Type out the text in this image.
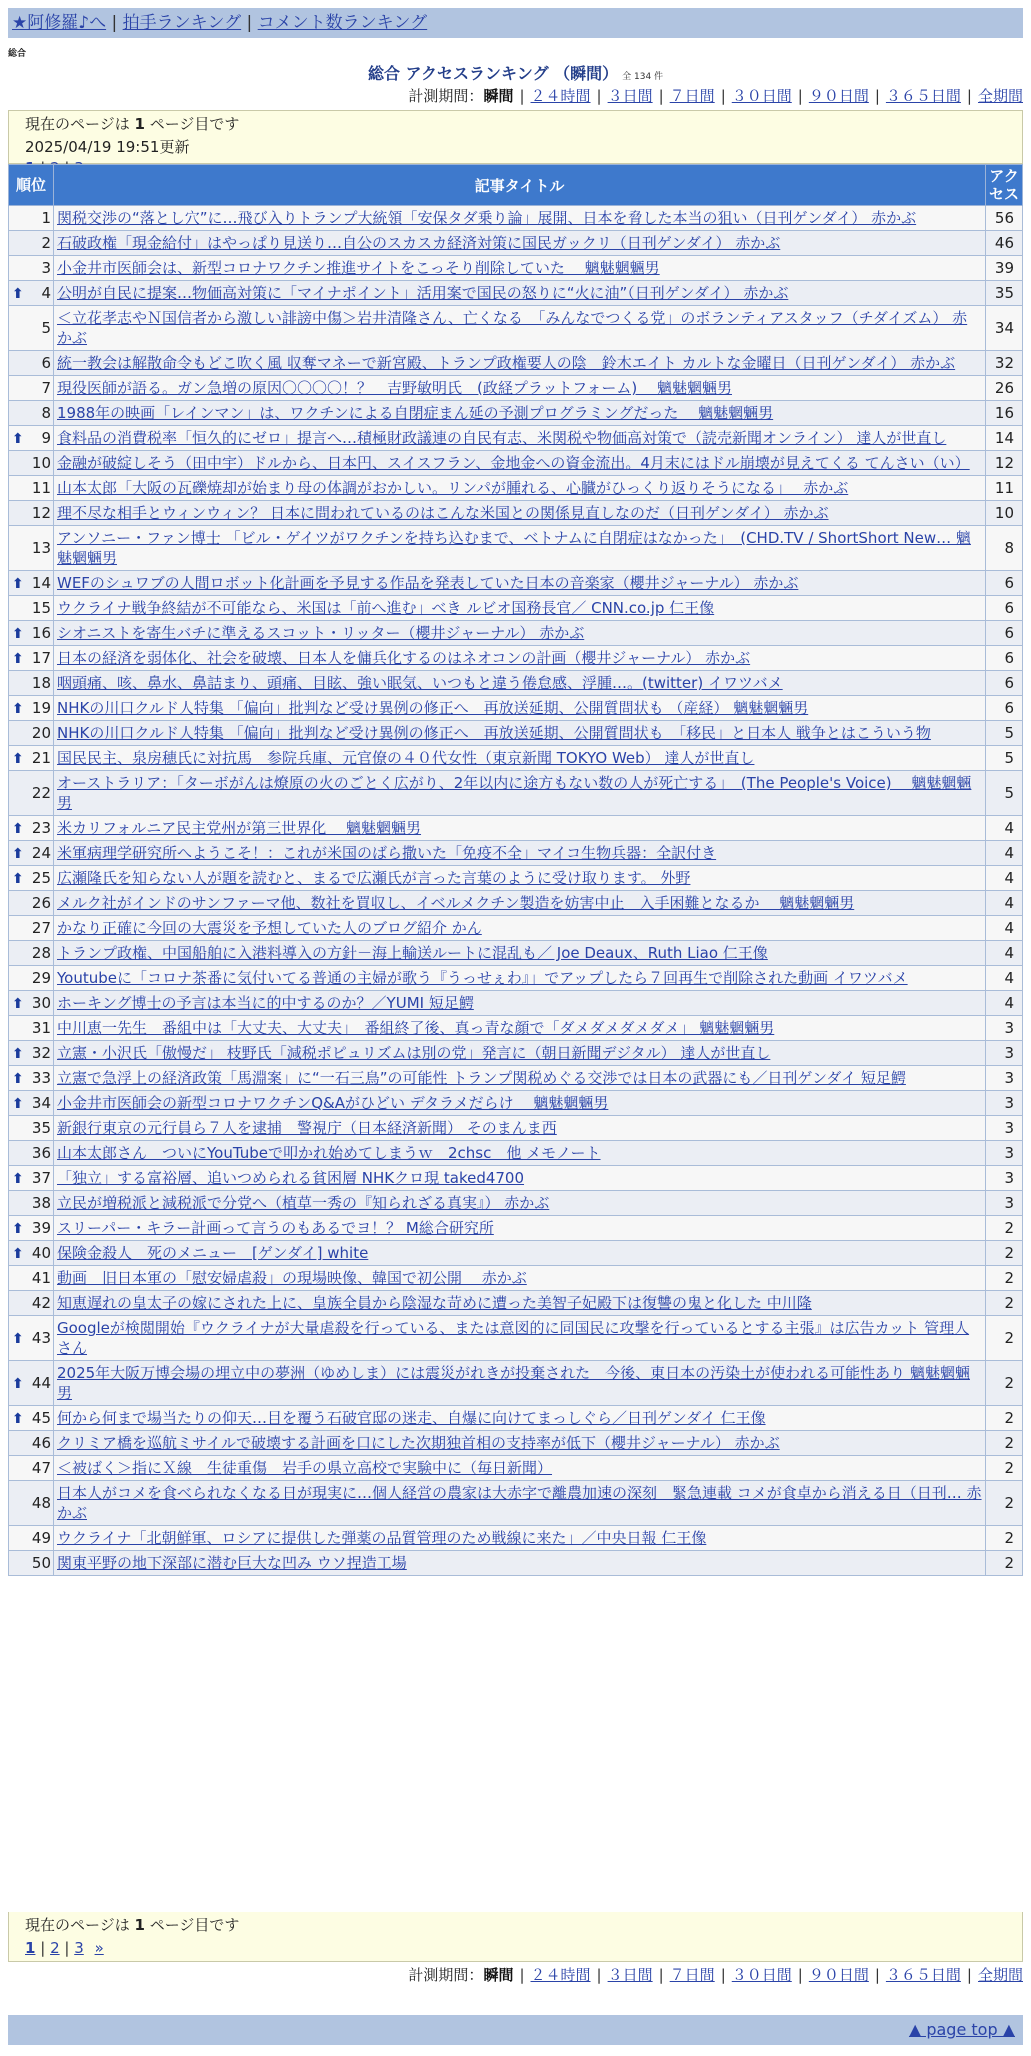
★阿修羅♪へ | 拍手ランキング | コメント数ランキング
総合
総合 アクセスランキング （瞬間） 全 134 件
計測期間：瞬間 | ２４時間 | ３日間 | ７日間 | ３０日間 | ９０日間 | ３６５日間 | 全期間
現在のページは 1 ページ目です
2025/04/19 19:51更新
順位	記事タイトル	アクセス
1	関税交渉の“落とし穴”に…飛び入りトランプ大統領「安保タダ乗り論」展開、日本を脅した本当の狙い（日刊ゲンダイ） 赤かぶ	56
2	石破政権「現金給付」はやっぱり見送り…自公のスカスカ経済対策に国民ガックリ（日刊ゲンダイ） 赤かぶ	46
3	小金井市医師会は、新型コロナワクチン推進サイトをこっそり削除していた　 魑魅魍魎男	39

⬆ 4	公明が自民に提案…物価高対策に「マイナポイント」活用案で国民の怒りに“火に油”（日刊ゲンダイ） 赤かぶ	35
5	＜立花孝志やＮ国信者から激しい誹謗中傷＞岩井清隆さん、亡くなる　「みんなでつくる党」のボランティアスタッフ（チダイズム） 赤かぶ	34
6	統一教会は解散命令もどこ吹く風 収奪マネーで新宮殿、トランプ政権要人の陰　鈴木エイト カルトな金曜日（日刊ゲンダイ） 赤かぶ	32
7	現役医師が語る。ガン急増の原因〇〇〇〇！？　吉野敏明氏　(政経プラットフォーム)　 魑魅魍魎男	26
8	1988年の映画「レインマン」は、ワクチンによる自閉症まん延の予測プログラミングだった　 魑魅魍魎男	16

⬆ 9	食料品の消費税率「恒久的にゼロ」提言へ…積極財政議連の自民有志、米関税や物価高対策で（読売新聞オンライン） 達人が世直し	14
10	金融が破綻しそう（田中宇）ドルから、日本円、スイスフラン、金地金への資金流出。4月末にはドル崩壊が見えてくる てんさい（い）	12
11	山本太郎「大阪の瓦礫焼却が始まり母の体調がおかしい。リンパが腫れる、心臓がひっくり返りそうになる」　 赤かぶ	11
12	理不尽な相手とウィンウィン？ 日本に問われているのはこんな米国との関係見直しなのだ（日刊ゲンダイ） 赤かぶ	10
13	アンソニー・ファン博士 「ビル・ゲイツがワクチンを持ち込むまで、ベトナムに自閉症はなかった」　(CHD.TV / ShortShort New… 魑魅魍魎男	8

⬆ 14	WEFのシュワブの人間ロボット化計画を予見する作品を発表していた日本の音楽家（櫻井ジャーナル） 赤かぶ	6
15	ウクライナ戦争終結が不可能なら、米国は「前へ進む」べき ルビオ国務長官／ CNN.co.jp 仁王像	6

⬆ 16	シオニストを寄生バチに準えるスコット・リッター（櫻井ジャーナル） 赤かぶ	6

⬆ 17	日本の経済を弱体化、社会を破壊、日本人を傭兵化するのはネオコンの計画（櫻井ジャーナル） 赤かぶ	6
18	咽頭痛、咳、鼻水、鼻詰まり、頭痛、目眩、強い眠気、いつもと違う倦怠感、浮腫…。(twitter) イワツバメ	6

⬆ 19	NHKの川口クルド人特集 「偏向」批判など受け異例の修正へ　再放送延期、公開質問状も （産経） 魑魅魍魎男	6
20	NHKの川口クルド人特集 「偏向」批判など受け異例の修正へ　再放送延期、公開質問状も　「移民」と日本人 戦争とはこういう物	5

⬆ 21	国民民主、泉房穂氏に対抗馬　参院兵庫、元官僚の４０代女性（東京新聞 TOKYO Web） 達人が世直し	5
22	オーストラリア：「ターボがんは燎原の火のごとく広がり、2年以内に途方もない数の人が死亡する」　(The People's Voice)　 魑魅魍魎男	5

⬆ 23	米カリフォルニア民主党州が第三世界化　 魑魅魍魎男	4

⬆ 24	米軍病理学研究所へようこそ！：これが米国のばら撒いた「免疫不全」マイコ生物兵器：全訳付き	4

⬆ 25	広瀬隆氏を知らない人が題を読むと、まるで広瀬氏が言った言葉のように受け取ります。 外野	4
26	メルク社がインドのサンファーマ他、数社を買収し、イベルメクチン製造を妨害中止　入手困難となるか　 魑魅魍魎男	4
27	かなり正確に今回の大震災を予想していた人のブログ紹介 かん	4
28	トランプ政権、中国船舶に入港料導入の方針－海上輸送ルートに混乱も／ Joe Deaux、Ruth Liao 仁王像	4
29	Youtubeに「コロナ茶番に気付いてる普通の主婦が歌う『うっせぇわ』」でアップしたら７回再生で削除された動画 イワツバメ	4

⬆ 30	ホーキング博士の予言は本当に的中するのか？／YUMI 短足鰐	4
31	中川恵一先生　番組中は「大丈夫、大丈夫」　番組終了後、真っ青な顔で「ダメダメダメダメ」 魑魅魍魎男	3

⬆ 32	立憲・小沢氏「傲慢だ」 枝野氏「減税ポピュリズムは別の党」発言に（朝日新聞デジタル） 達人が世直し	3

⬆ 33	立憲で急浮上の経済政策「馬淵案」に“一石三鳥”の可能性 トランプ関税めぐる交渉では日本の武器にも／日刊ゲンダイ 短足鰐	3

⬆ 34	小金井市医師会の新型コロナワクチンQ&Aがひどい デタラメだらけ　 魑魅魍魎男	3
35	新銀行東京の元行員ら７人を逮捕　警視庁（日本経済新聞） そのまんま西	3
36	山本太郎さん　ついにYouTubeで叩かれ始めてしまうｗ　2chsc　他 メモノート	3

⬆ 37	「独立」する富裕層、追いつめられる貧困層 NHKクロ現 taked4700	3
38	立民が増税派と減税派で分党へ（植草一秀の『知られざる真実』） 赤かぶ	3

⬆ 39	スリーパー・キラー計画って言うのもあるでヨ！？ M総合研究所	2

⬆ 40	保険金殺人　死のメニュー　[ゲンダイ] white	2
41	動画　旧日本軍の「慰安婦虐殺」の現場映像、韓国で初公開　 赤かぶ	2
42	知恵遅れの皇太子の嫁にされた上に、皇族全員から陰湿な苛めに遭った美智子妃殿下は復讐の鬼と化した 中川隆	2

⬆ 43	Googleが検閲開始『ウクライナが大量虐殺を行っている、または意図的に同国民に攻撃を行っているとする主張』は広告カット 管理人さん	2

⬆ 44	2025年大阪万博会場の埋立中の夢洲（ゆめしま）には震災がれきが投棄された　今後、東日本の汚染土が使われる可能性あり 魑魅魍魎男	2

⬆ 45	何から何まで場当たりの仰天…目を覆う石破官邸の迷走、自爆に向けてまっしぐら／日刊ゲンダイ 仁王像	2
46	クリミア橋を巡航ミサイルで破壊する計画を口にした次期独首相の支持率が低下（櫻井ジャーナル） 赤かぶ	2
47	＜被ばく＞指にＸ線　生徒重傷　岩手の県立高校で実験中に（毎日新聞）	2
48	日本人がコメを食べられなくなる日が現実に…個人経営の農家は大赤字で離農加速の深刻　緊急連載 コメが食卓から消える日（日刊… 赤かぶ	2
49	ウクライナ「北朝鮮軍、ロシアに提供した弾薬の品質管理のため戦線に来た」／中央日報 仁王像	2
50	関東平野の地下深部に潜む巨大な凹み ウソ捏造工場	2
現在のページは 1 ページ目です
1 | 2 | 3 »
計測期間：瞬間 | ２４時間 | ３日間 | ７日間 | ３０日間 | ９０日間 | ３６５日間 | 全期間
▲ page top ▲
